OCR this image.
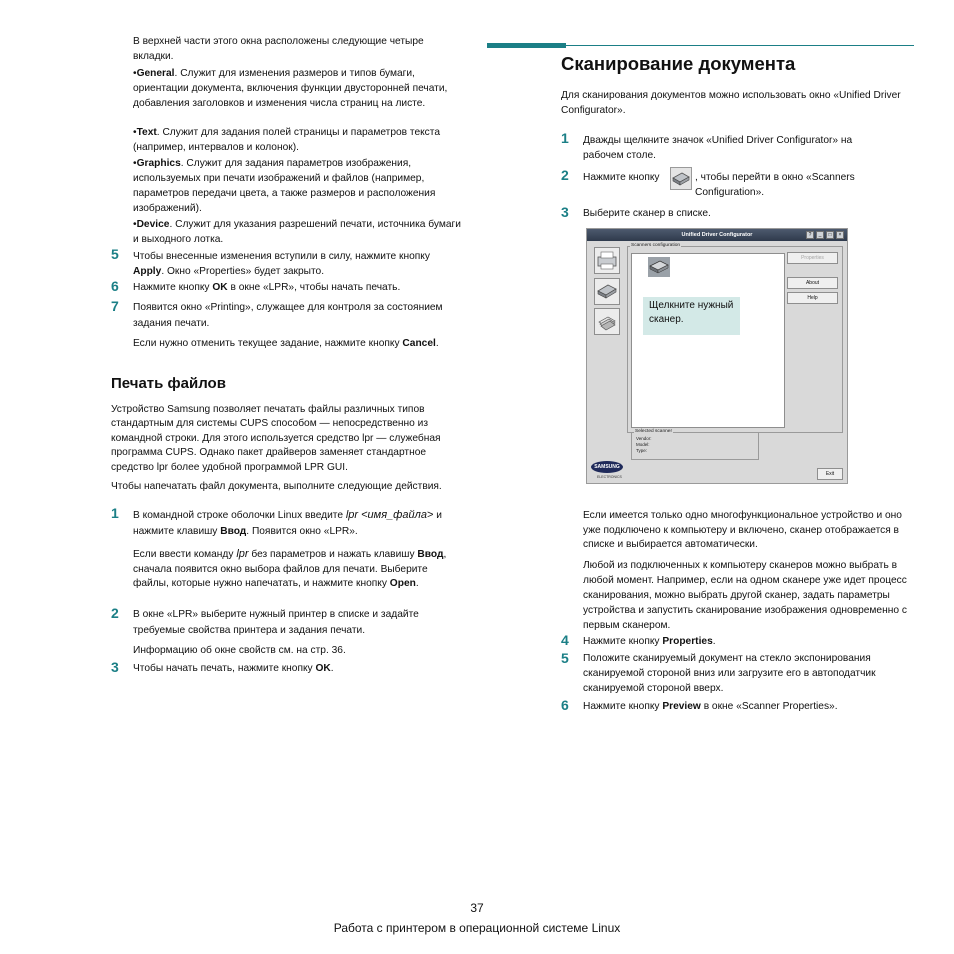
В верхней части этого окна расположены следующие четыре вкладки.
•General. Служит для изменения размеров и типов бумаги, ориентации документа, включения функции двусторонней печати, добавления заголовков и изменения числа страниц на листе.
•Text. Служит для задания полей страницы и параметров текста (например, интервалов и колонок).
•Graphics. Служит для задания параметров изображения, используемых при печати изображений и файлов (например, параметров передачи цвета, а также размеров и расположения изображений).
•Device. Служит для указания разрешений печати, источника бумаги и выходного лотка.
5 Чтобы внесенные изменения вступили в силу, нажмите кнопку Apply. Окно «Properties» будет закрыто.
6 Нажмите кнопку OK в окне «LPR», чтобы начать печать.
7 Появится окно «Printing», служащее для контроля за состоянием задания печати.
Если нужно отменить текущее задание, нажмите кнопку Cancel.
Печать файлов
Устройство Samsung позволяет печатать файлы различных типов стандартным для системы CUPS способом — непосредственно из командной строки. Для этого используется средство lpr — служебная программа CUPS. Однако пакет драйверов заменяет стандартное средство lpr более удобной программой LPR GUI.
Чтобы напечатать файл документа, выполните следующие действия.
1 В командной строке оболочки Linux введите lpr <имя_файла> и нажмите клавишу Ввод. Появится окно «LPR».
Если ввести команду lpr без параметров и нажать клавишу Ввод, сначала появится окно выбора файлов для печати. Выберите файлы, которые нужно напечатать, и нажмите кнопку Open.
2 В окне «LPR» выберите нужный принтер в списке и задайте требуемые свойства принтера и задания печати.
Информацию об окне свойств см. на стр. 36.
3 Чтобы начать печать, нажмите кнопку OK.
Сканирование документа
Для сканирования документов можно использовать окно «Unified Driver Configurator».
1 Дважды щелкните значок «Unified Driver Configurator» на рабочем столе.
2 Нажмите кнопку	, чтобы перейти в окно «Scanners Configuration».
3 Выберите сканер в списке.
Unified Driver Configurator	?	_	□	×
Scanners configuration
Properties
About
Help
Selected scanner
Vendor:
Model:
Type:
Exit
SAMSUNG
ELECTRONICS
Щелкните нужный сканер.
Если имеется только одно многофункциональное устройство и оно уже подключено к компьютеру и включено, сканер отображается в списке и выбирается автоматически.
Любой из подключенных к компьютеру сканеров можно выбрать в любой момент. Например, если на одном сканере уже идет процесс сканирования, можно выбрать другой сканер, задать параметры устройства и запустить сканирование изображения одновременно с первым сканером.
4 Нажмите кнопку Properties.
5 Положите сканируемый документ на стекло экспонирования сканируемой стороной вниз или загрузите его в автоподатчик сканируемой стороной вверх.
6 Нажмите кнопку Preview в окне «Scanner Properties».
37
Работа с принтером в операционной системе Linux
